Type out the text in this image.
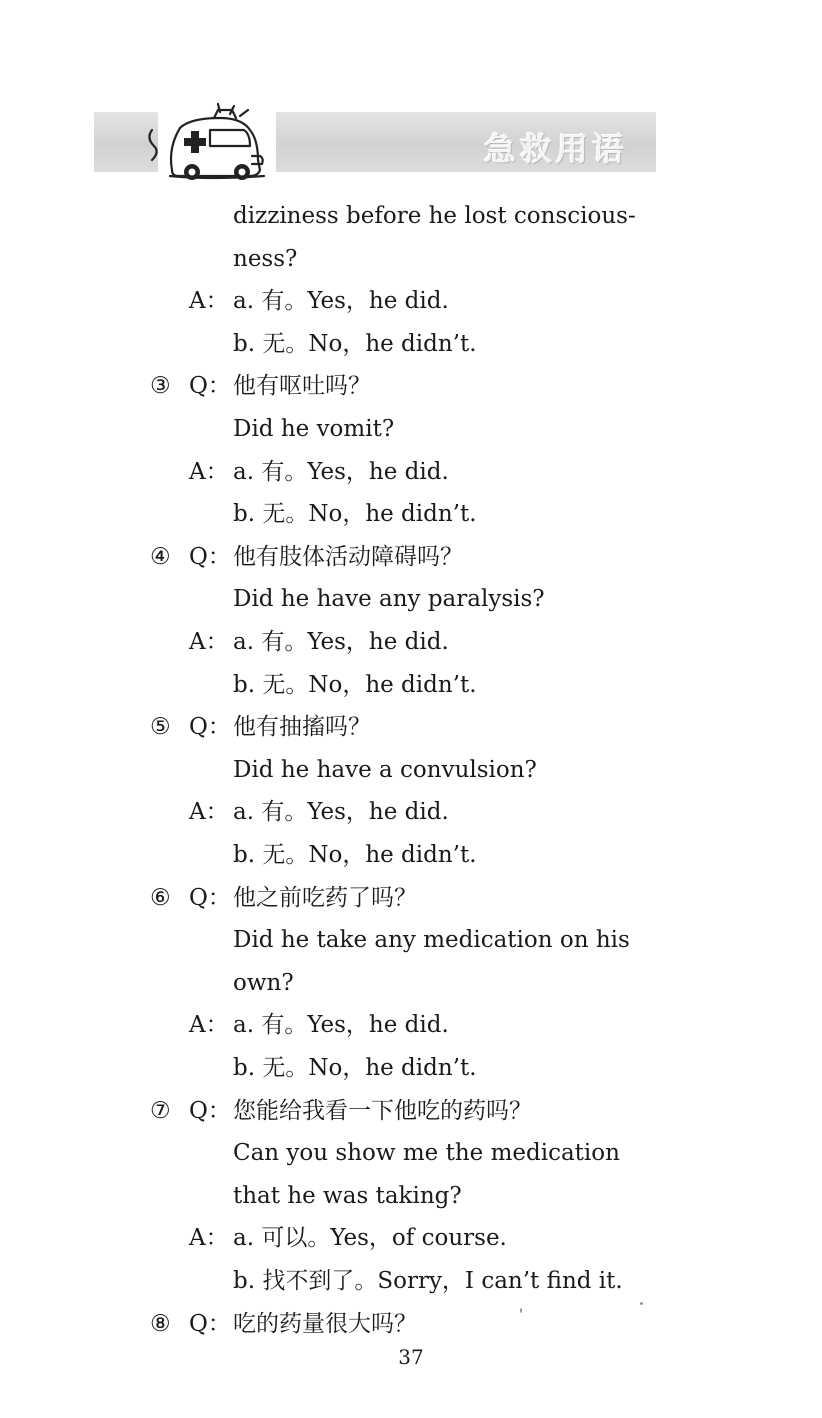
急救用语
dizziness before he lost conscious-
ness?
A： a. 有。Yes，he did.
b. 无。No，he didn’t.
③ Q： 他有呕吐吗？
Did he vomit?
A： a. 有。Yes，he did.
b. 无。No，he didn’t.
④ Q： 他有肢体活动障碍吗？
Did he have any paralysis?
A： a. 有。Yes，he did.
b. 无。No，he didn’t.
⑤ Q： 他有抽搐吗？
Did he have a convulsion?
A： a. 有。Yes，he did.
b. 无。No，he didn’t.
⑥ Q： 他之前吃药了吗？
Did he take any medication on his
own?
A： a. 有。Yes，he did.
b. 无。No，he didn’t.
⑦ Q： 您能给我看一下他吃的药吗？
Can you show me the medication
that he was taking?
A： a. 可以。Yes，of course.
b. 找不到了。Sorry，I can’t find it.
⑧ Q： 吃的药量很大吗？
37
